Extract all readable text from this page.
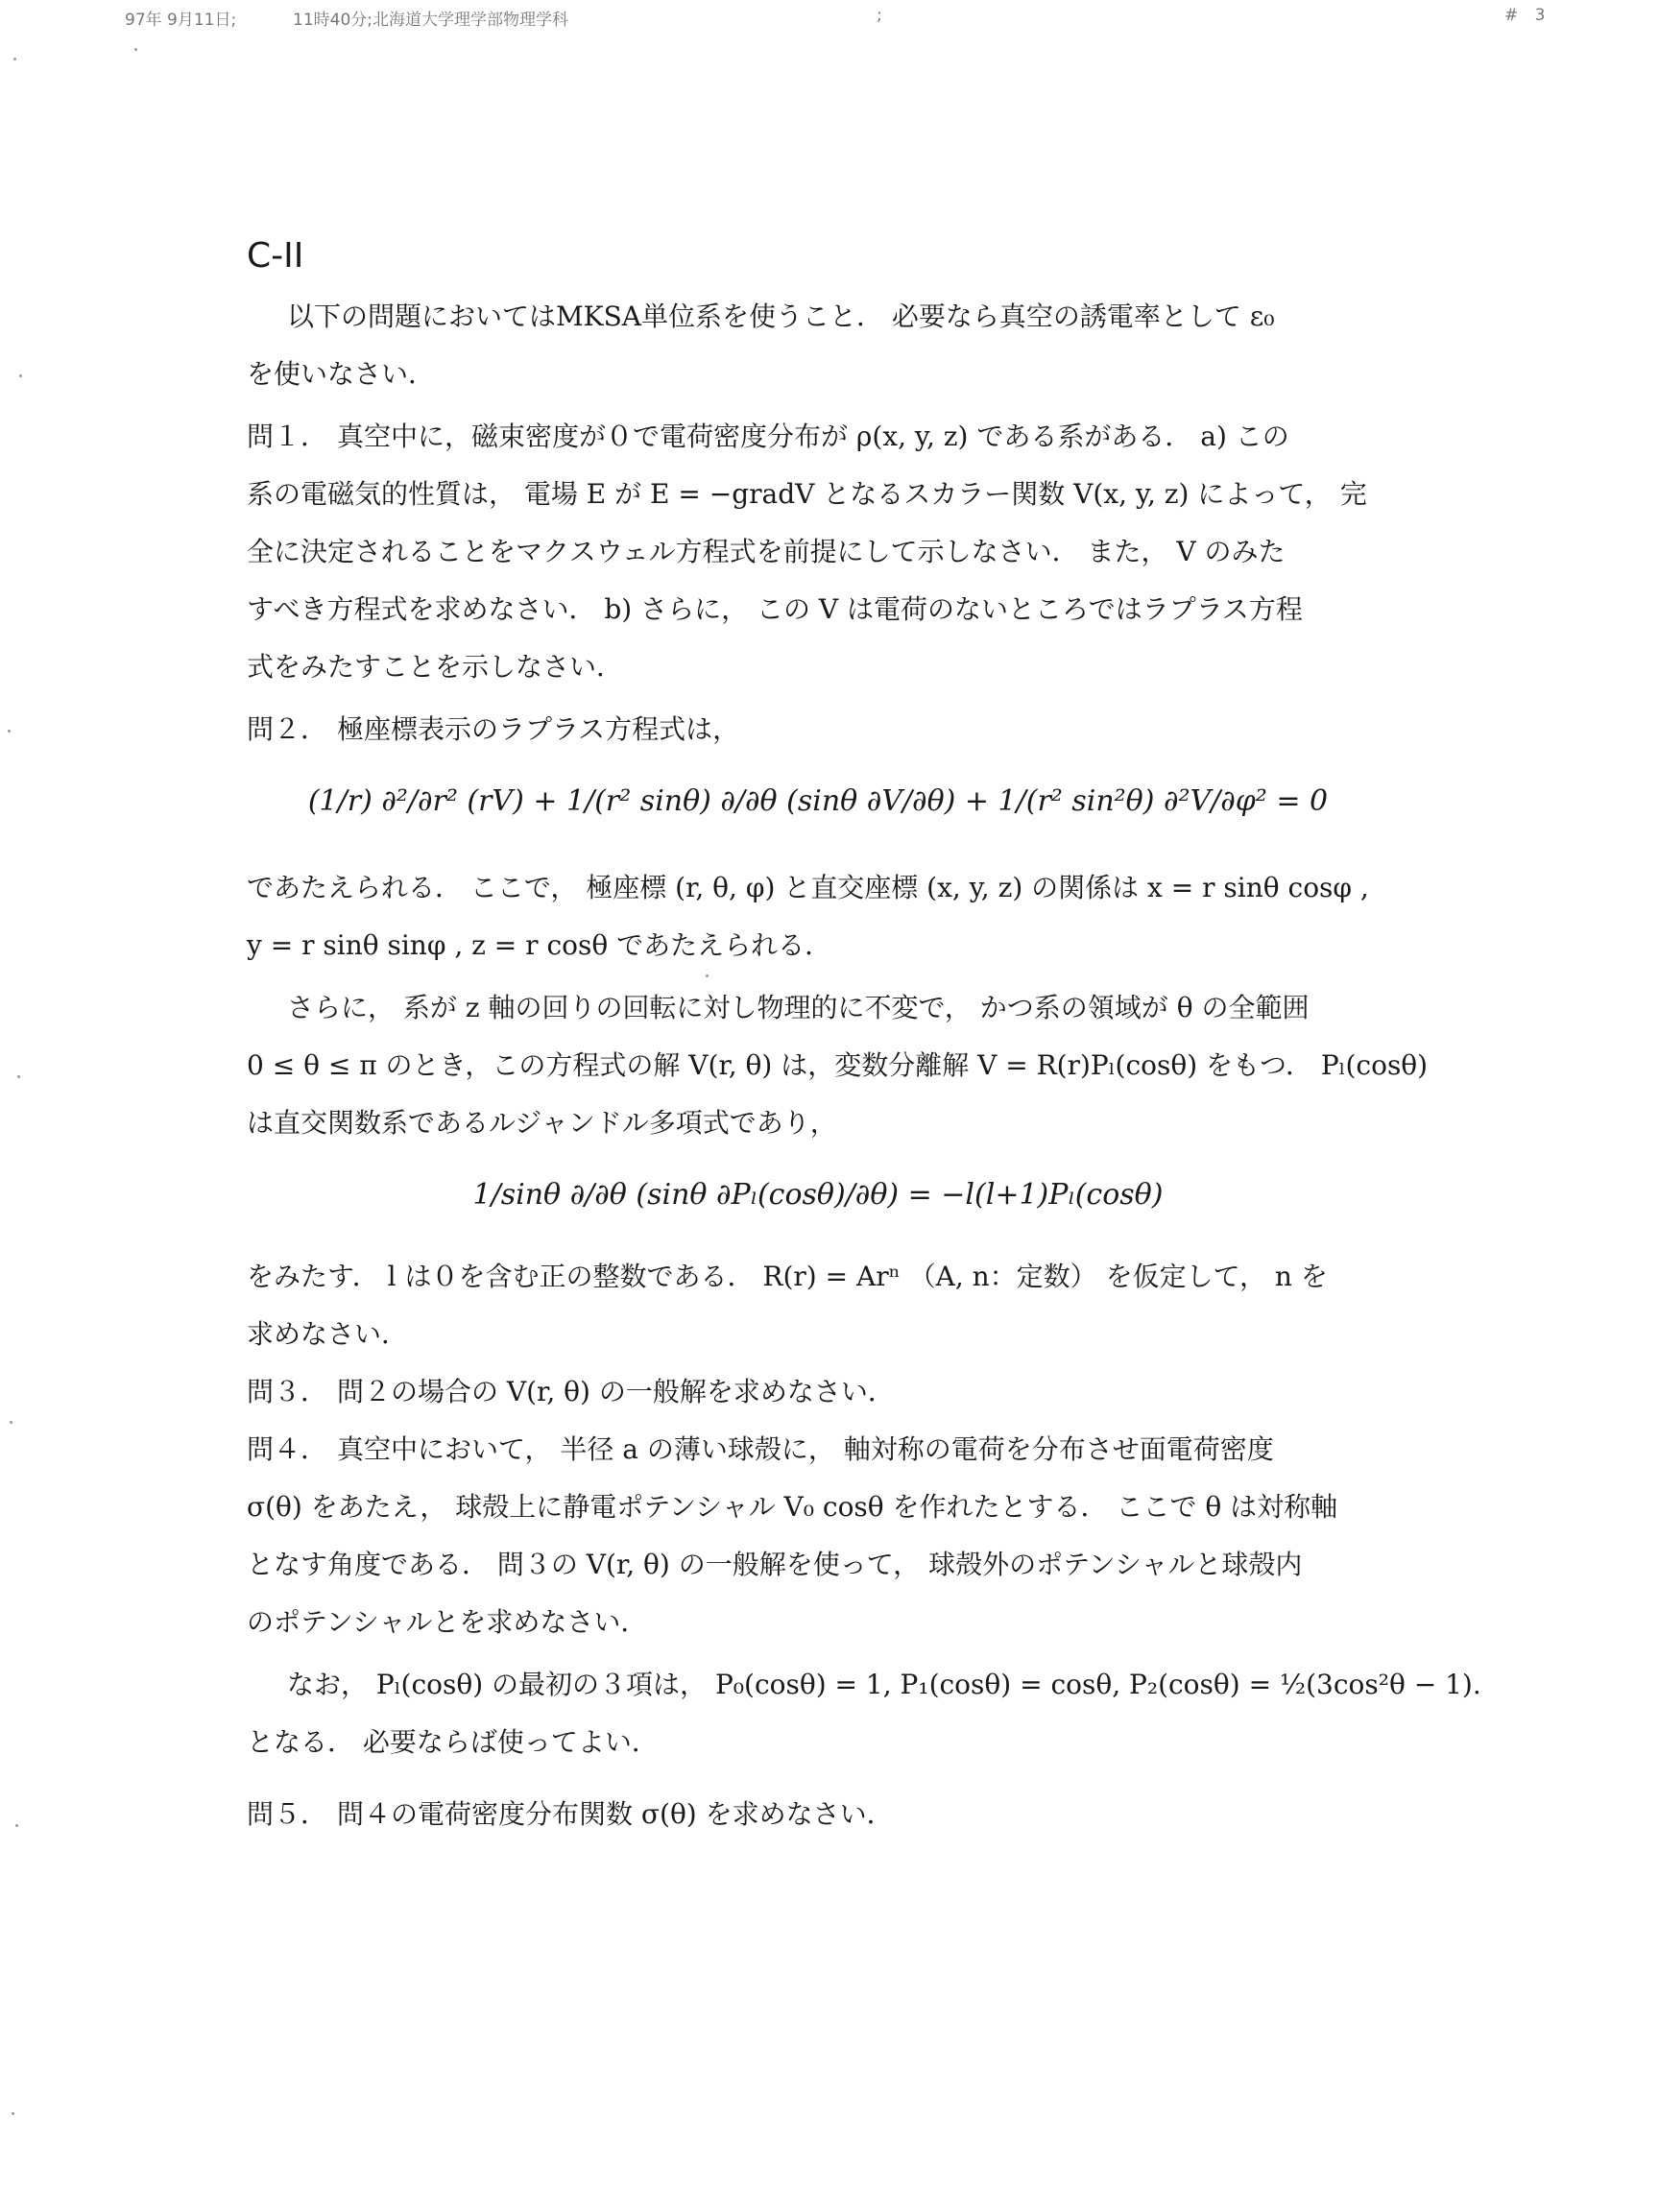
97年 9月11日;	11時40分;北海道大学理学部物理学科	;	# 3
C-II
以下の問題においてはMKSA単位系を使うこと． 必要なら真空の誘電率として ε₀
を使いなさい．
問１． 真空中に，磁束密度が０で電荷密度分布が ρ(x, y, z) である系がある． a) この
系の電磁気的性質は， 電場 E が E = −gradV となるスカラー関数 V(x, y, z) によって， 完
全に決定されることをマクスウェル方程式を前提にして示しなさい． また， V のみた
すべき方程式を求めなさい． b) さらに， この V は電荷のないところではラプラス方程
式をみたすことを示しなさい．
問２． 極座標表示のラプラス方程式は，
(1/r) ∂²/∂r² (rV) + 1/(r² sinθ) ∂/∂θ (sinθ ∂V/∂θ) + 1/(r² sin²θ) ∂²V/∂φ² = 0
であたえられる． ここで， 極座標 (r, θ, φ) と直交座標 (x, y, z) の関係は x = r sinθ cosφ ,
y = r sinθ sinφ , z = r cosθ であたえられる．
さらに， 系が z 軸の回りの回転に対し物理的に不変で， かつ系の領域が θ の全範囲
0 ≤ θ ≤ π のとき，この方程式の解 V(r, θ) は，変数分離解 V = R(r)Pₗ(cosθ) をもつ． Pₗ(cosθ)
は直交関数系であるルジャンドル多項式であり，
1/sinθ ∂/∂θ (sinθ ∂Pₗ(cosθ)/∂θ) = −l(l+1)Pₗ(cosθ)
をみたす． l は０を含む正の整数である． R(r) = Arⁿ （A, n：定数） を仮定して， n を
求めなさい．
問３． 問２の場合の V(r, θ) の一般解を求めなさい．
問４． 真空中において， 半径 a の薄い球殻に， 軸対称の電荷を分布させ面電荷密度
σ(θ) をあたえ， 球殻上に静電ポテンシャル V₀ cosθ を作れたとする． ここで θ は対称軸
となす角度である． 問３の V(r, θ) の一般解を使って， 球殻外のポテンシャルと球殻内
のポテンシャルとを求めなさい．
なお， Pₗ(cosθ) の最初の３項は， P₀(cosθ) = 1, P₁(cosθ) = cosθ, P₂(cosθ) = ½(3cos²θ − 1).
となる． 必要ならば使ってよい．
問５． 問４の電荷密度分布関数 σ(θ) を求めなさい．
